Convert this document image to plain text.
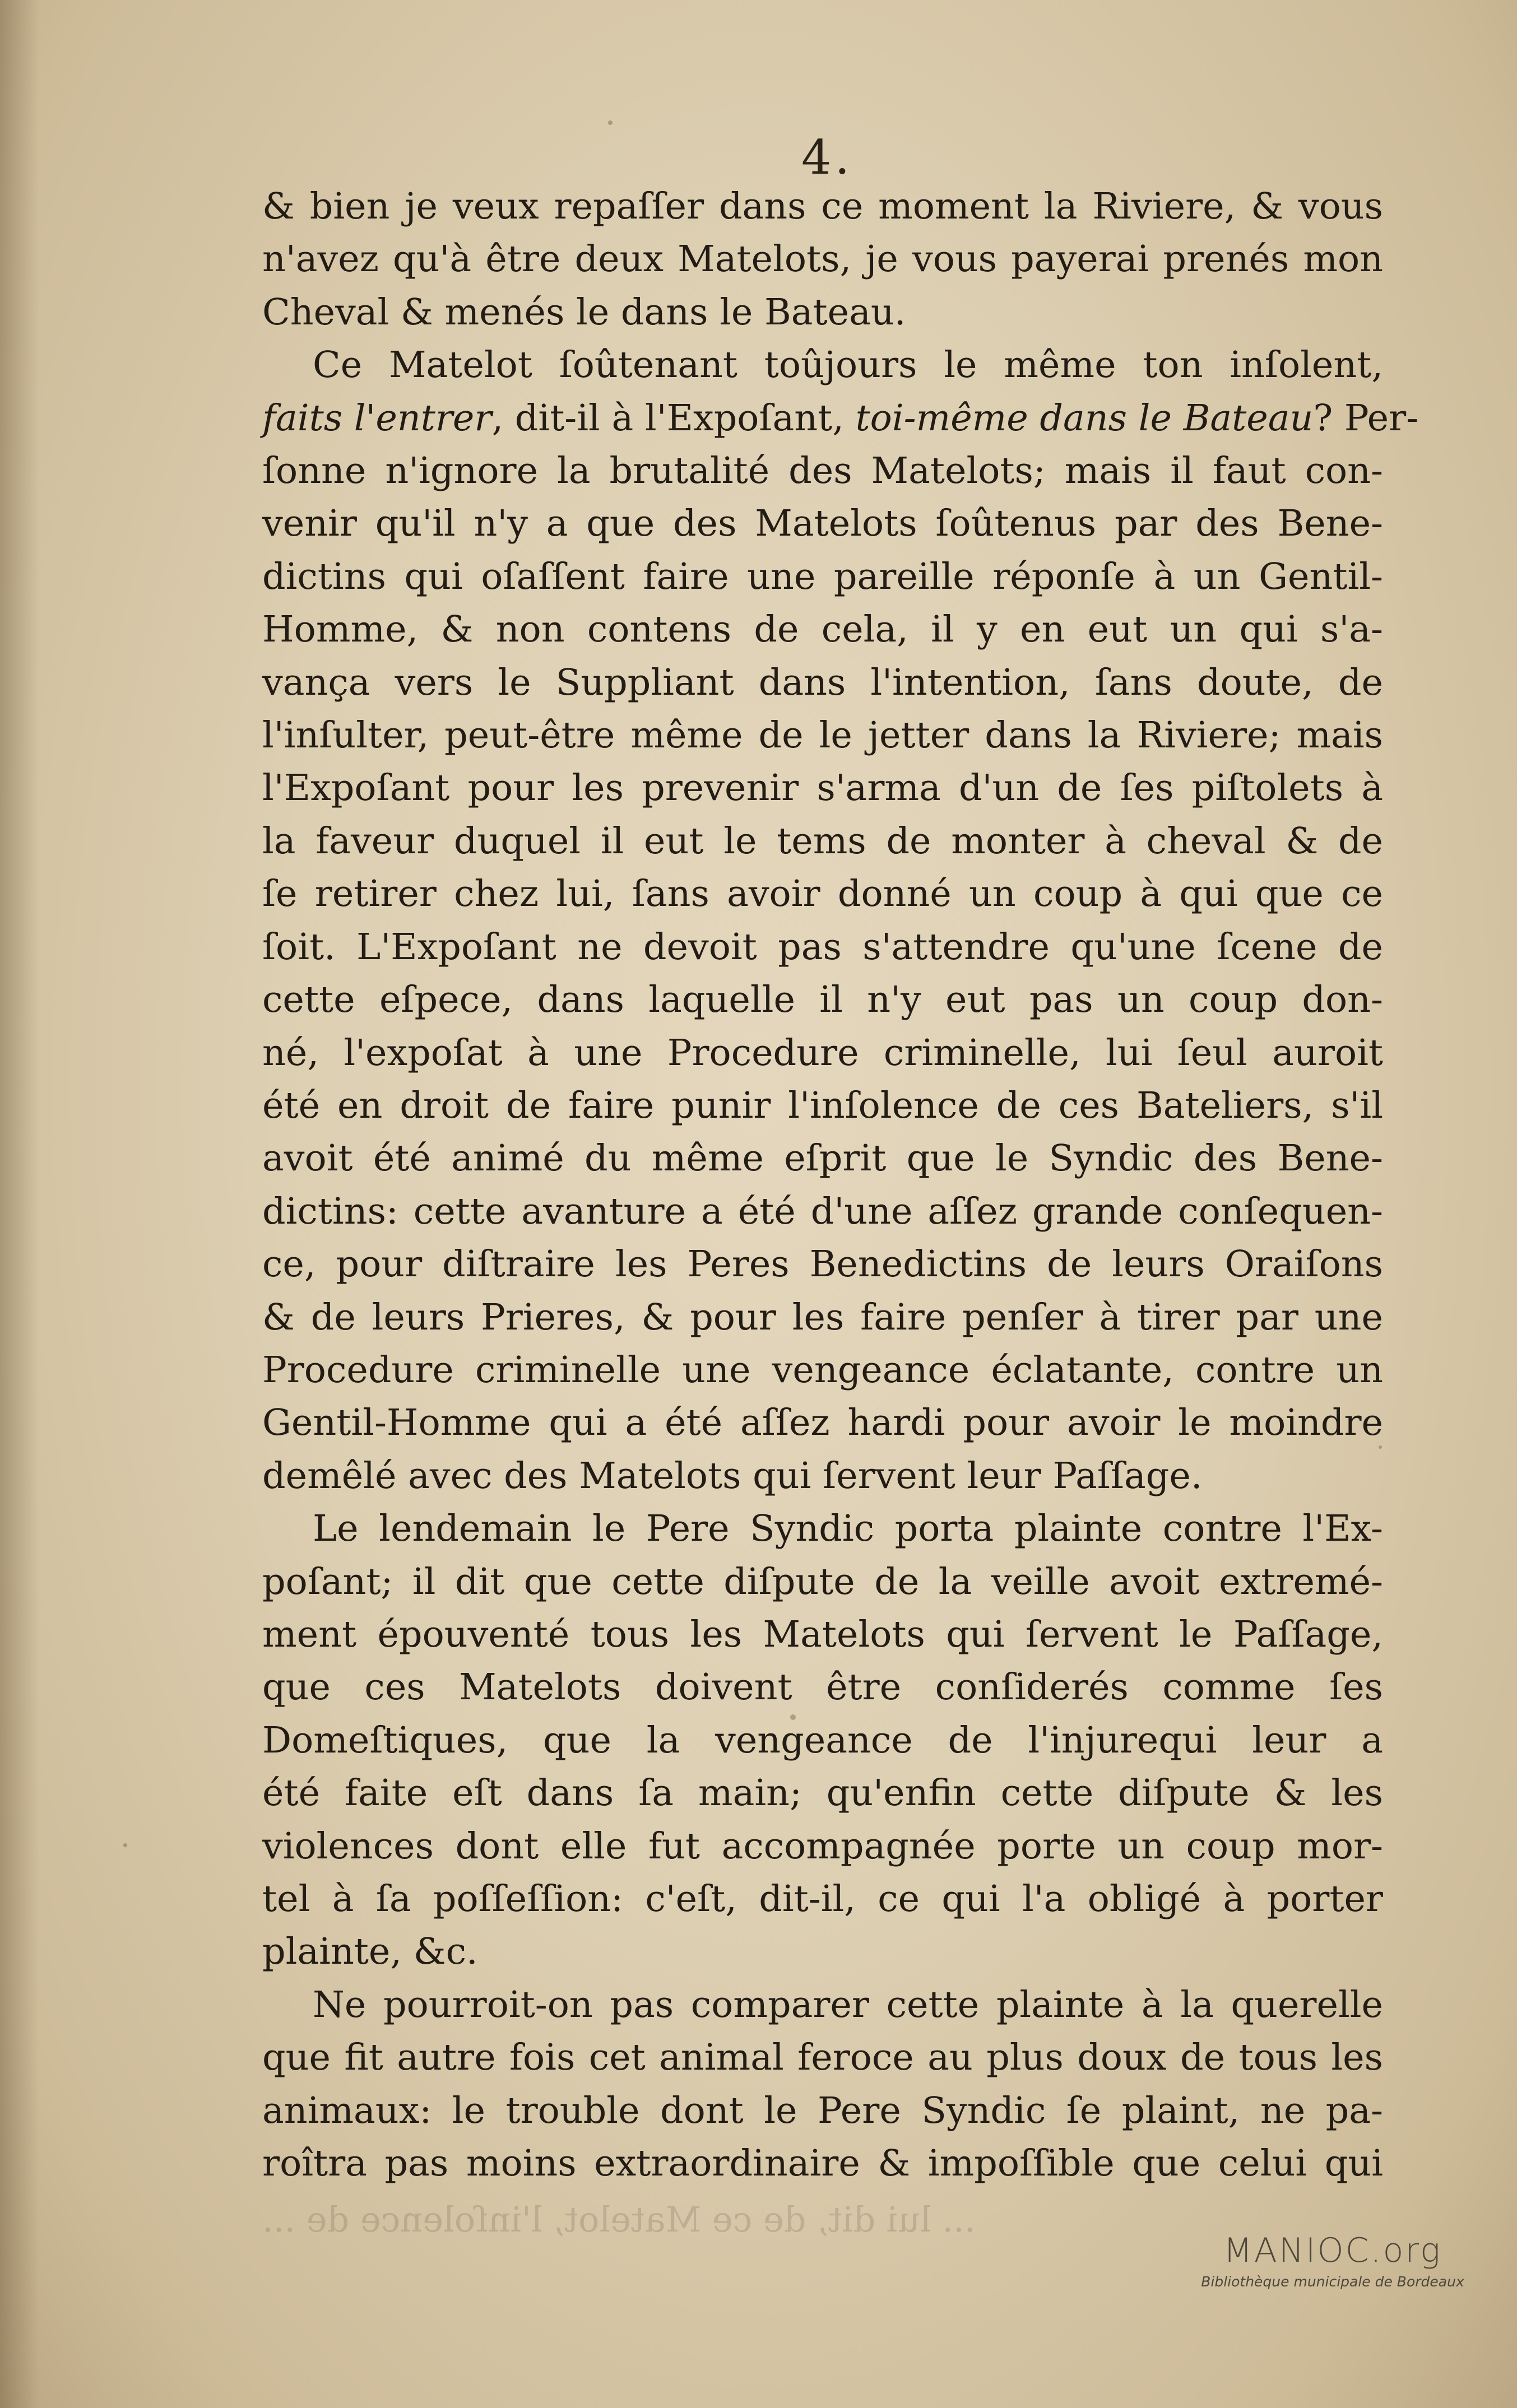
4.
& bien je veux repaſſer dans ce moment la Riviere, & vous
n'avez qu'à être deux Matelots, je vous payerai prenés mon
Cheval & menés le dans le Bateau.
Ce Matelot ſoûtenant toûjours le même ton inſolent,
faits l'entrer, dit-il à l'Expoſant, toi-même dans le Bateau? Per-
ſonne n'ignore la brutalité des Matelots; mais il faut con-
venir qu'il n'y a que des Matelots ſoûtenus par des Bene-
dictins qui oſaſſent faire une pareille réponſe à un Gentil-
Homme, & non contens de cela, il y en eut un qui s'a-
vança vers le Suppliant dans l'intention, ſans doute, de
l'inſulter, peut-être même de le jetter dans la Riviere; mais
l'Expoſant pour les prevenir s'arma d'un de ſes piſtolets à
la faveur duquel il eut le tems de monter à cheval & de
ſe retirer chez lui, ſans avoir donné un coup à qui que ce
ſoit. L'Expoſant ne devoit pas s'attendre qu'une ſcene de
cette eſpece, dans laquelle il n'y eut pas un coup don-
né, l'expoſat à une Procedure criminelle, lui ſeul auroit
été en droit de faire punir l'inſolence de ces Bateliers, s'il
avoit été animé du même eſprit que le Syndic des Bene-
dictins: cette avanture a été d'une aſſez grande conſequen-
ce, pour diſtraire les Peres Benedictins de leurs Oraiſons
& de leurs Prieres, & pour les faire penſer à tirer par une
Procedure criminelle une vengeance éclatante, contre un
Gentil-Homme qui a été aſſez hardi pour avoir le moindre
demêlé avec des Matelots qui ſervent leur Paſſage.
Le lendemain le Pere Syndic porta plainte contre l'Ex-
poſant; il dit que cette diſpute de la veille avoit extremé-
ment épouventé tous les Matelots qui ſervent le Paſſage,
que ces Matelots doivent être conſiderés comme ſes
Domeſtiques, que la vengeance de l'injurequi leur a
été faite eſt dans ſa main; qu'enfin cette diſpute & les
violences dont elle fut accompagnée porte un coup mor-
tel à ſa poſſeſſion: c'eſt, dit-il, ce qui l'a obligé à porter
plainte, &c.
Ne pourroit-on pas comparer cette plainte à la querelle
que fit autre fois cet animal feroce au plus doux de tous les
animaux: le trouble dont le Pere Syndic ſe plaint, ne pa-
roîtra pas moins extraordinaire & impoſſible que celui qui
... lui dit, de ce Matelot, l'inſolence de ...
MANIOC.org
Bibliothèque municipale de Bordeaux
